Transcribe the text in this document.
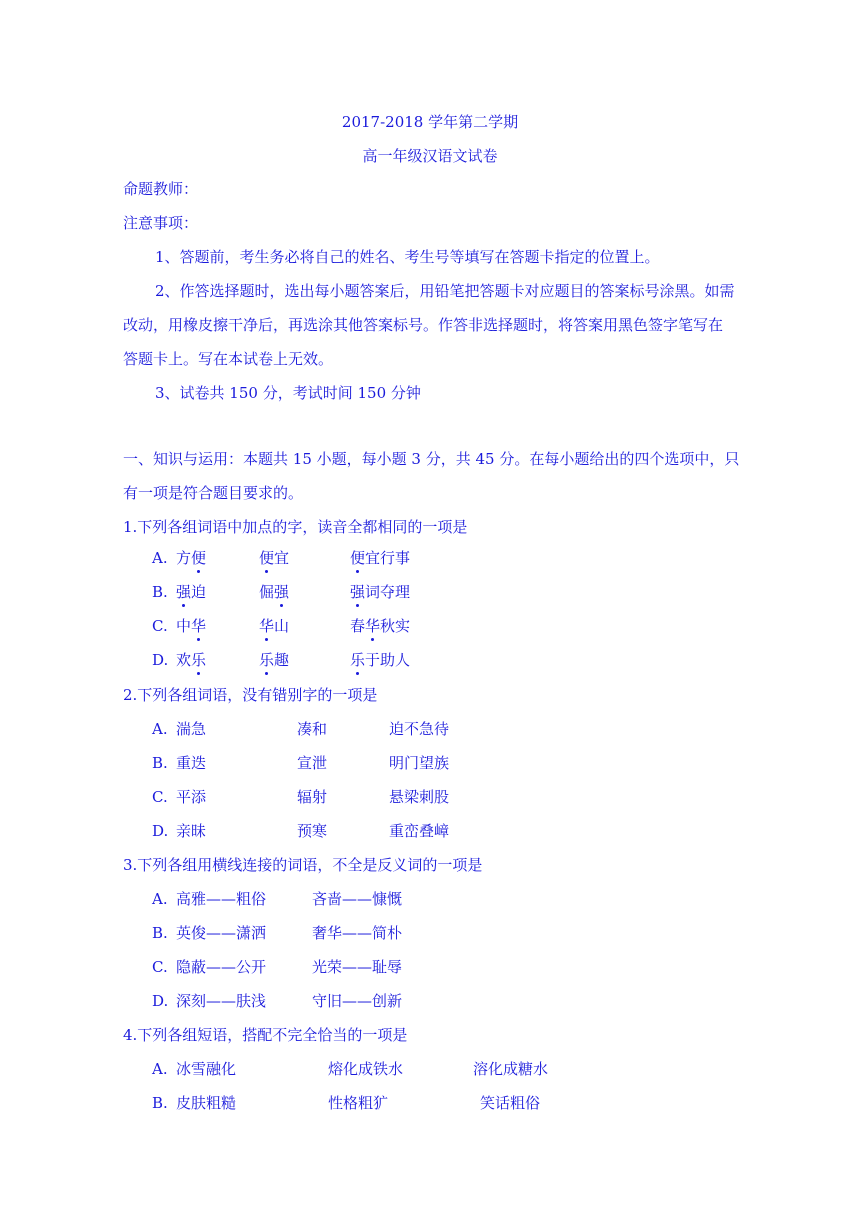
2017-2018 学年第二学期
高一年级汉语文试卷
命题教师：
注意事项：
1、答题前，考生务必将自己的姓名、考生号等填写在答题卡指定的位置上。
2、作答选择题时，选出每小题答案后，用铅笔把答题卡对应题目的答案标号涂黑。如需
改动，用橡皮擦干净后，再选涂其他答案标号。作答非选择题时，将答案用黑色签字笔写在
答题卡上。写在本试卷上无效。
3、试卷共 150 分，考试时间 150 分钟
一、知识与运用：本题共 15 小题，每小题 3 分，共 45 分。在每小题给出的四个选项中，只
有一项是符合题目要求的。
1.下列各组词语中加点的字，读音全都相同的一项是
A. 方便	便宜	便宜行事
B. 强迫	倔强	强词夺理
C. 中华	华山	春华秋实
D. 欢乐	乐趣	乐于助人
2.下列各组词语，没有错别字的一项是
A. 湍急	凑和	迫不急待
B. 重迭	宣泄	明门望族
C. 平添	辐射	悬梁刺股
D. 亲昧	预寒	重峦叠嶂
3.下列各组用横线连接的词语，不全是反义词的一项是
A. 高雅——粗俗	吝啬——慷慨
B. 英俊——潇洒	奢华——简朴
C. 隐蔽——公开	光荣——耻辱
D. 深刻——肤浅	守旧——创新
4.下列各组短语，搭配不完全恰当的一项是
A. 冰雪融化	熔化成铁水	溶化成糖水
B. 皮肤粗糙	性格粗犷	笑话粗俗
